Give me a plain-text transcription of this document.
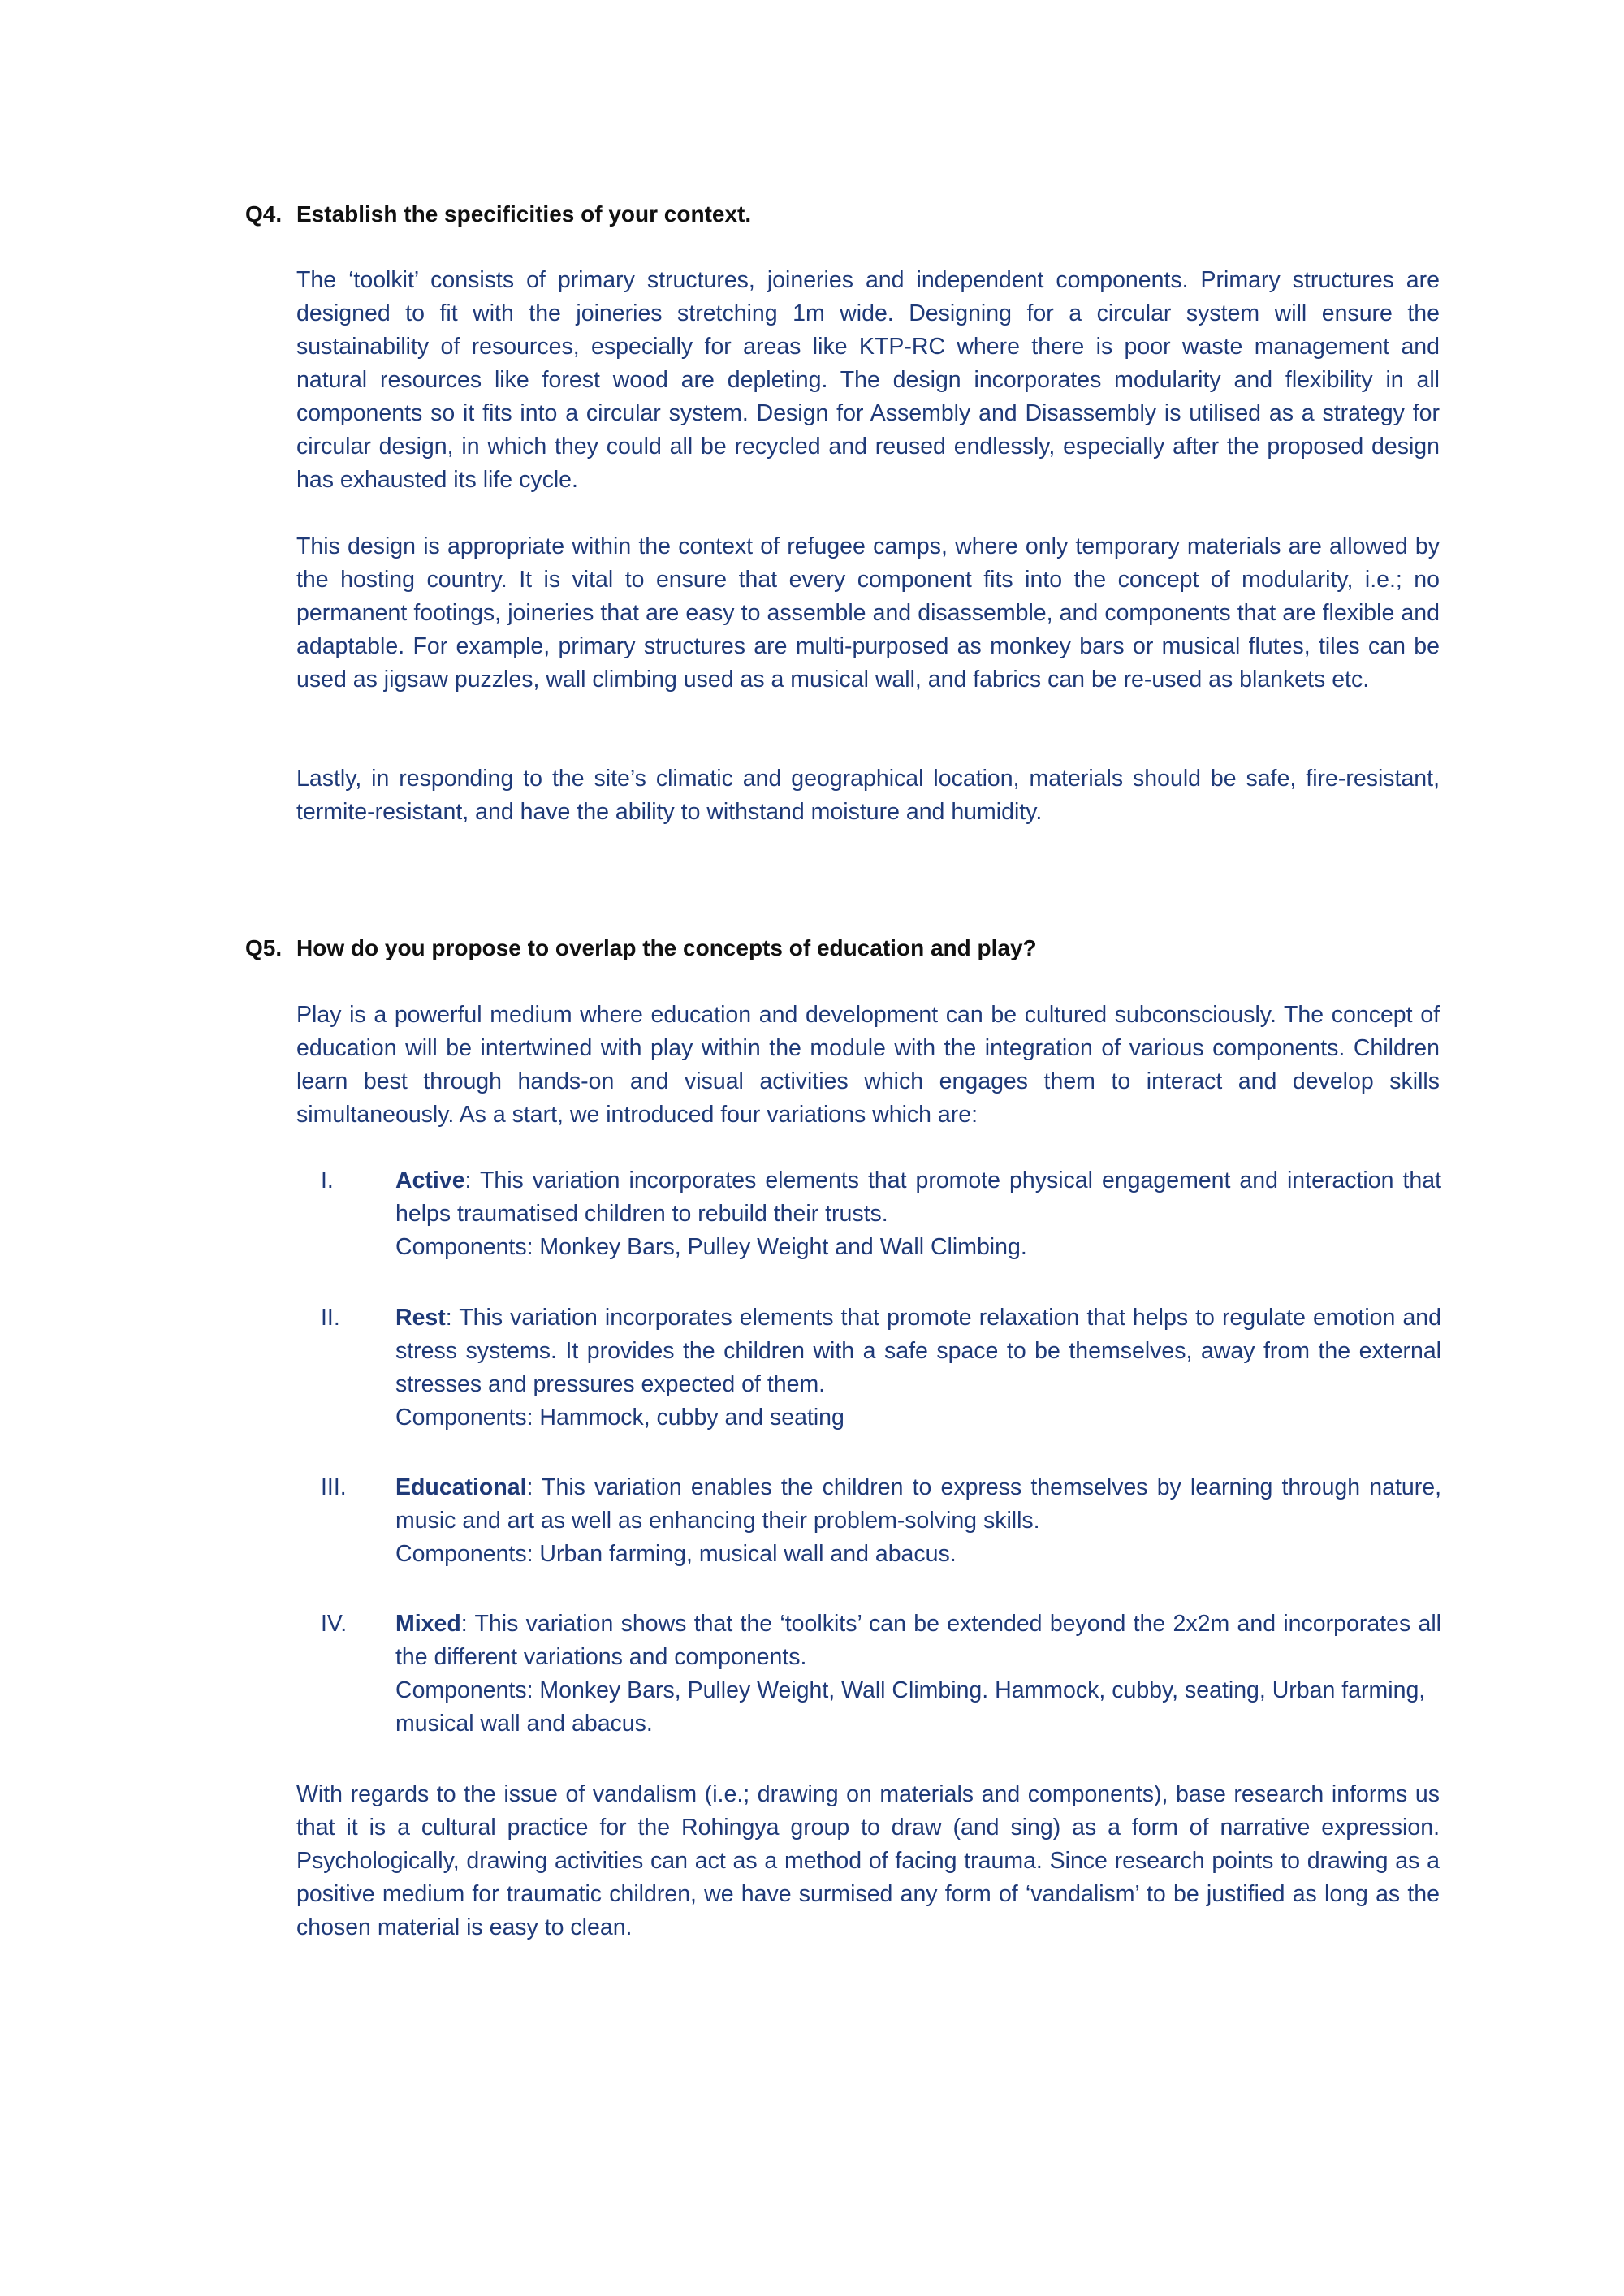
Q4. Establish the specificities of your context.

The ‘toolkit’ consists of primary structures, joineries and independent components. Primary structures are designed to fit with the joineries stretching 1m wide. Designing for a circular system will ensure the sustainability of resources, especially for areas like KTP-RC where there is poor waste management and natural resources like forest wood are depleting. The design incorporates modularity and flexibility in all components so it fits into a circular system. Design for Assembly and Disassembly is utilised as a strategy for circular design, in which they could all be recycled and reused endlessly, especially after the proposed design has exhausted its life cycle.

This design is appropriate within the context of refugee camps, where only temporary materials are allowed by the hosting country. It is vital to ensure that every component fits into the concept of modularity, i.e.; no permanent footings, joineries that are easy to assemble and disassemble, and components that are flexible and adaptable. For example, primary structures are multi-purposed as monkey bars or musical flutes, tiles can be used as jigsaw puzzles, wall climbing used as a musical wall, and fabrics can be re-used as blankets etc.

Lastly, in responding to the site’s climatic and geographical location, materials should be safe, fire-resistant, termite-resistant, and have the ability to withstand moisture and humidity.

Q5. How do you propose to overlap the concepts of education and play?

Play is a powerful medium where education and development can be cultured subconsciously. The concept of education will be intertwined with play within the module with the integration of various components. Children learn best through hands-on and visual activities which engages them to interact and develop skills simultaneously. As a start, we introduced four variations which are:

I.	Active: This variation incorporates elements that promote physical engagement and interaction that helps traumatised children to rebuild their trusts.
Components: Monkey Bars, Pulley Weight and Wall Climbing.
II.	Rest: This variation incorporates elements that promote relaxation that helps to regulate emotion and stress systems. It provides the children with a safe space to be themselves, away from the external stresses and pressures expected of them.
Components: Hammock, cubby and seating
III.	Educational: This variation enables the children to express themselves by learning through nature, music and art as well as enhancing their problem-solving skills.
Components: Urban farming, musical wall and abacus.
IV.	Mixed: This variation shows that the ‘toolkits’ can be extended beyond the 2x2m and incorporates all the different variations and components.
Components: Monkey Bars, Pulley Weight, Wall Climbing. Hammock, cubby, seating, Urban farming, musical wall and abacus.

With regards to the issue of vandalism (i.e.; drawing on materials and components), base research informs us that it is a cultural practice for the Rohingya group to draw (and sing) as a form of narrative expression. Psychologically, drawing activities can act as a method of facing trauma. Since research points to drawing as a positive medium for traumatic children, we have surmised any form of ‘vandalism’ to be justified as long as the chosen material is easy to clean.
